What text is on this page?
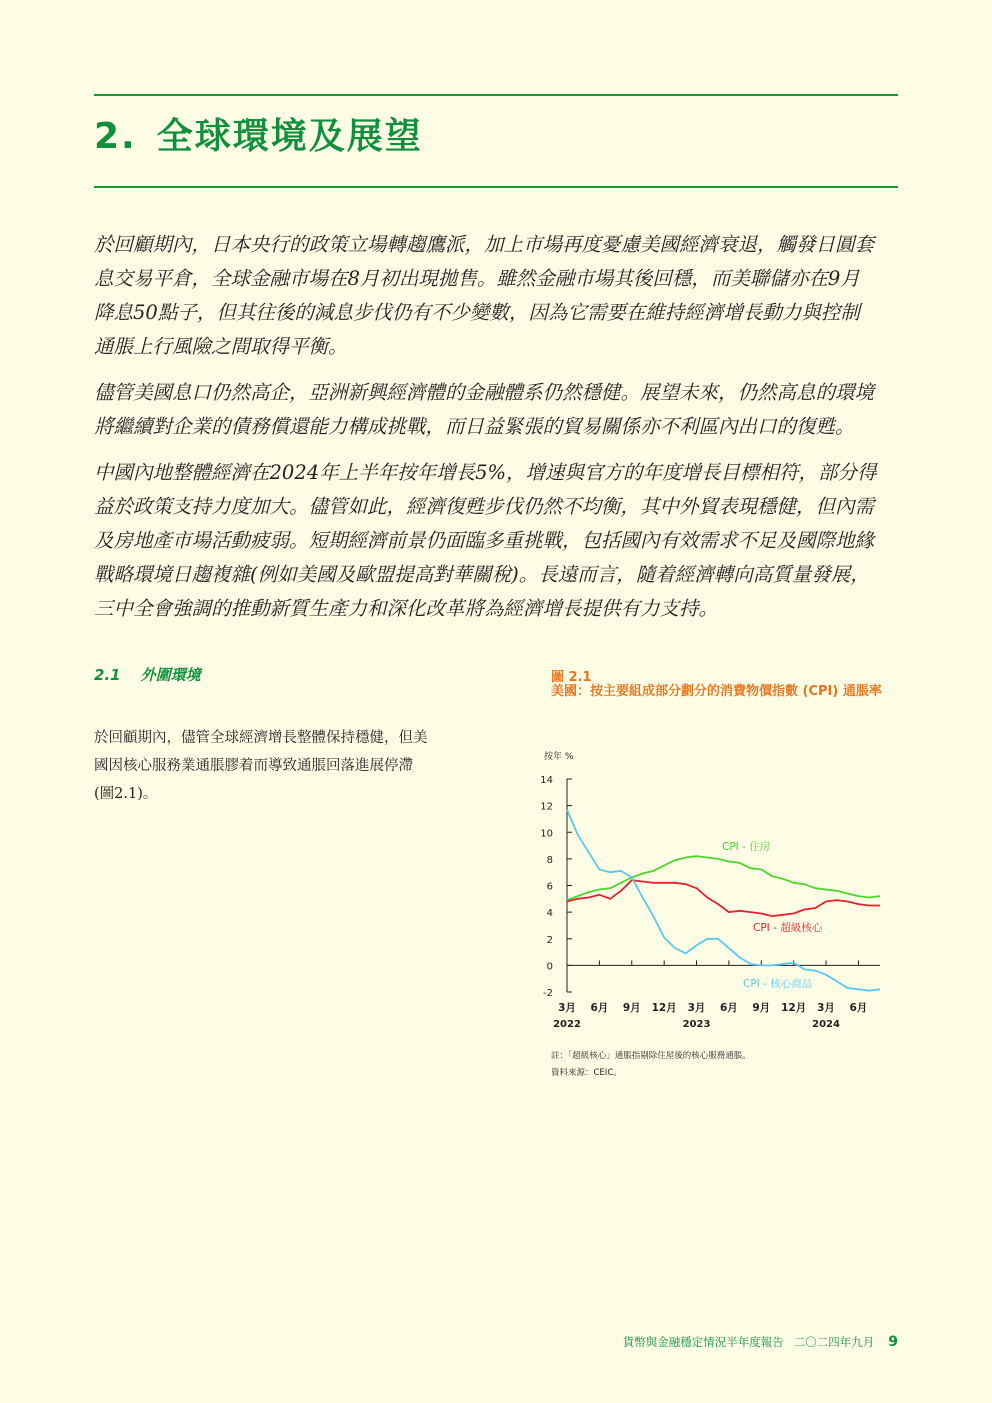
2. 全球環境及展望

於回顧期內，日本央行的政策立場轉趨鷹派，加上市場再度憂慮美國經濟衰退，觸發日圓套
息交易平倉，全球金融市場在8月初出現拋售。雖然金融市場其後回穩，而美聯儲亦在9月
降息50點子，但其往後的減息步伐仍有不少變數，因為它需要在維持經濟增長動力與控制
通脹上行風險之間取得平衡。

儘管美國息口仍然高企，亞洲新興經濟體的金融體系仍然穩健。展望未來，仍然高息的環境
將繼續對企業的債務償還能力構成挑戰，而日益緊張的貿易關係亦不利區內出口的復甦。

中國內地整體經濟在2024年上半年按年增長5%，增速與官方的年度增長目標相符，部分得
益於政策支持力度加大。儘管如此，經濟復甦步伐仍然不均衡，其中外貿表現穩健，但內需
及房地產市場活動疲弱。短期經濟前景仍面臨多重挑戰，包括國內有效需求不足及國際地緣
戰略環境日趨複雜(例如美國及歐盟提高對華關稅)。長遠而言，隨着經濟轉向高質量發展，
三中全會強調的推動新質生產力和深化改革將為經濟增長提供有力支持。

2.1 外圍環境

於回顧期內，儘管全球經濟增長整體保持穩健，但美
國因核心服務業通脹膠着而導致通脹回落進展停滯
(圖2.1)。

圖 2.1

美國：按主要組成部分劃分的消費物價指數 (CPI) 通脹率

按年 %
-2
0
2
4
6
8
10
12
14
3月
2022
6月 9月 12月 3月
2023
6月 9月 12月 3月
2024
6月
CPI - 住房
CPI - 超級核心
CPI - 核心商品
註：「超級核心」通脹指剔除住屋後的核心服務通脹。
資料來源：CEIC。
貨幣與金融穩定情況半年度報告 二〇二四年九月 9
